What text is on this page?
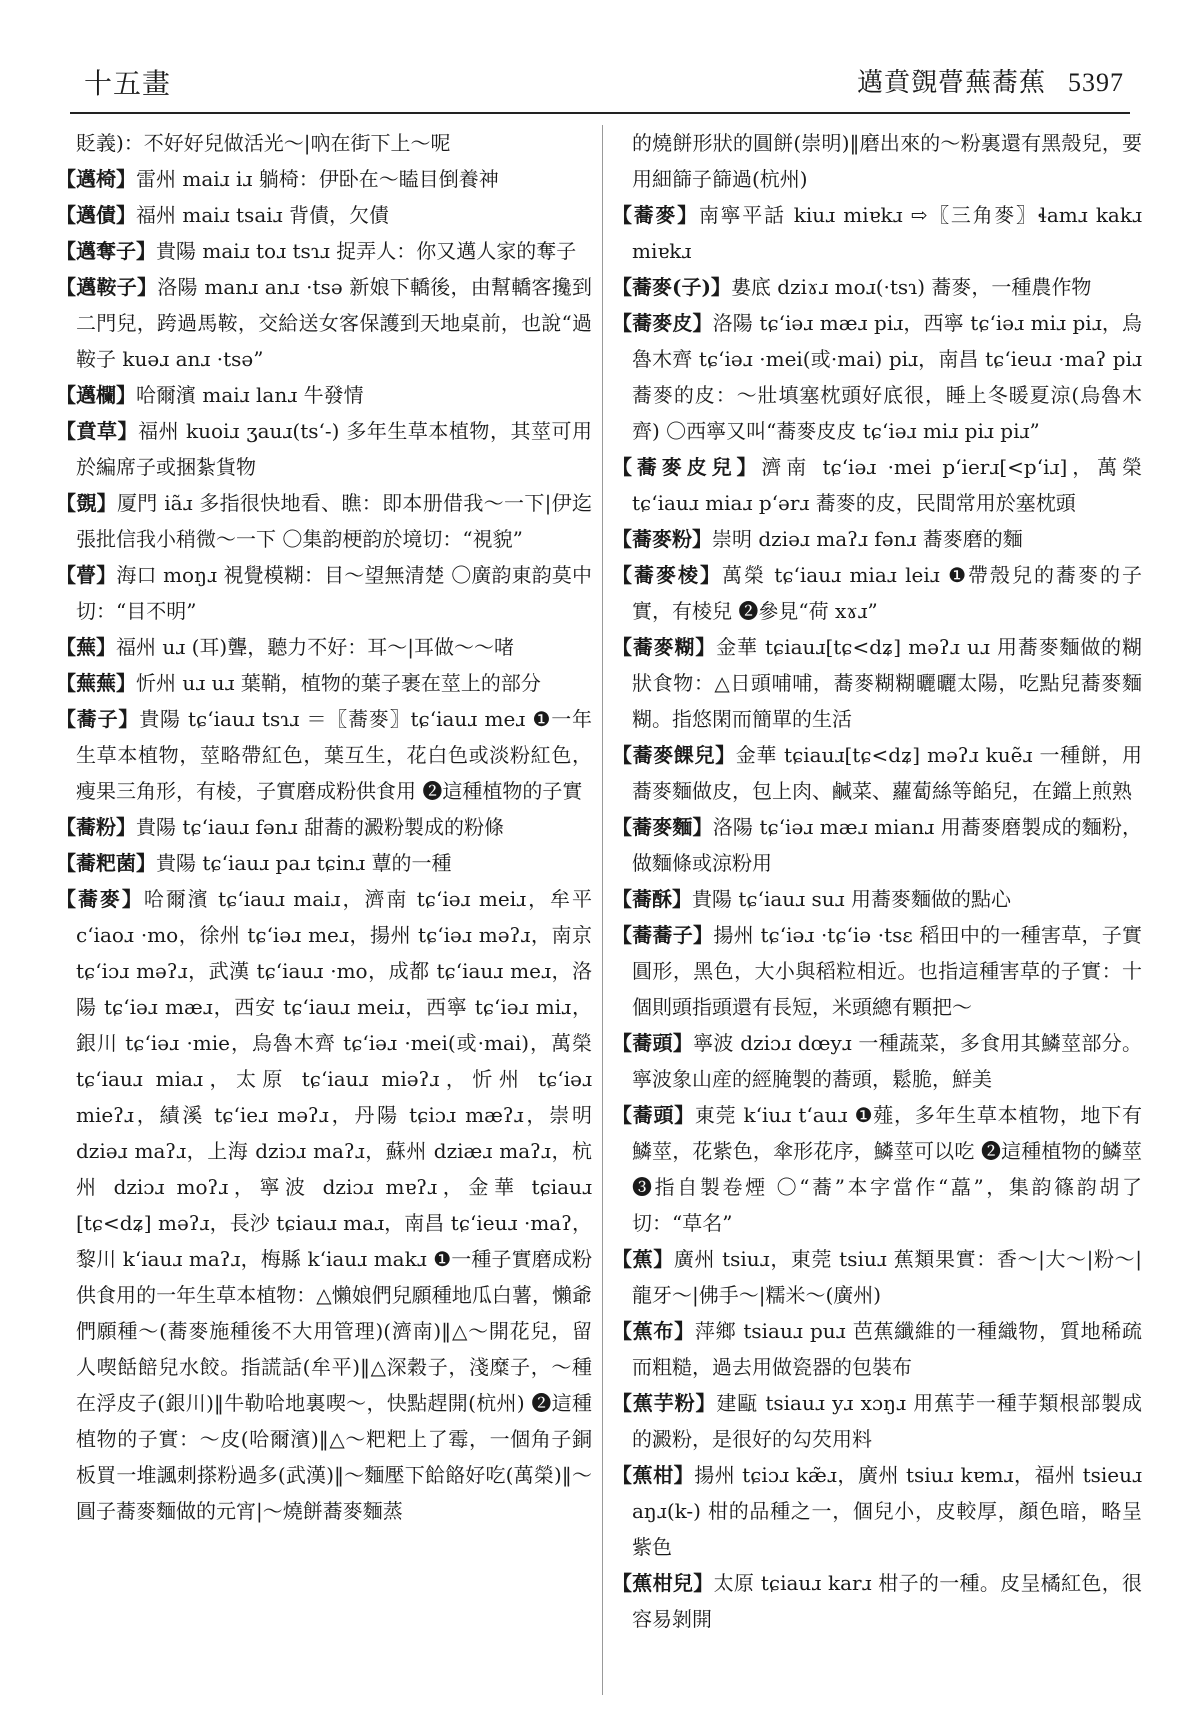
十五畫	邁賁覴瞢蕪蕎蕉 5397

貶義)：不好好兒做活光～|吶在街下上～呢

【邁椅】雷州 maiɹ iɹ 躺椅：伊卧在～瞌目倒養神

【邁債】福州 maiɹ tsaiɹ 背債，欠債

【邁奪子】貴陽 maiɹ toɹ tsɿɹ 捉弄人：你又邁人家的奪子

【邁鞍子】洛陽 manɹ anɹ ·tsə 新娘下轎後，由幫轎客攙到二門兒，跨過馬鞍，交給送女客保護到天地桌前，也說“過鞍子 kuəɹ anɹ ·tsə”

【邁欄】哈爾濱 maiɹ lanɹ 牛發情

【賁草】福州 kuoiɹ ʒauɹ(tsʻ-) 多年生草本植物，其莖可用於編席子或捆紮貨物

【覴】厦門 iãɹ 多指很快地看、瞧：即本册借我～一下|伊迄張批信我小稍微～一下 〇集韵梗韵於境切：“視貌”

【瞢】海口 moŋɹ 視覺模糊：目～望無清楚 〇廣韵東韵莫中切：“目不明”

【蕪】福州 uɹ (耳)聾，聽力不好：耳～|耳做～～啫

【蕪蕪】忻州 uɹ uɹ 葉鞘，植物的葉子裹在莖上的部分

【蕎子】貴陽 tɕʻiauɹ tsɿɹ ＝〖蕎麥〗tɕʻiauɹ meɹ ❶一年生草本植物，莖略帶紅色，葉互生，花白色或淡粉紅色，瘦果三角形，有棱，子實磨成粉供食用 ❷這種植物的子實

【蕎粉】貴陽 tɕʻiauɹ fənɹ 甜蕎的澱粉製成的粉條

【蕎粑菌】貴陽 tɕʻiauɹ paɹ tɕinɹ 蕈的一種

【蕎麥】哈爾濱 tɕʻiauɹ maiɹ，濟南 tɕʻiəɹ meiɹ，牟平 cʻiaoɹ ·mo，徐州 tɕʻiəɹ meɹ，揚州 tɕʻiəɹ məʔɹ，南京 tɕʻiɔɹ məʔɹ，武漢 tɕʻiauɹ ·mo，成都 tɕʻiauɹ meɹ，洛陽 tɕʻiəɹ mæɹ，西安 tɕʻiauɹ meiɹ，西寧 tɕʻiəɹ miɹ，銀川 tɕʻiəɹ ·mie，烏魯木齊 tɕʻiəɹ ·mei(或·mai)，萬榮 tɕʻiauɹ miaɹ，太原 tɕʻiauɹ miəʔɹ，忻州 tɕʻiəɹ mieʔɹ，績溪 tɕʻieɹ məʔɹ，丹陽 tɕiɔɹ mæʔɹ，崇明 dziəɹ maʔɹ，上海 dziɔɹ maʔɹ，蘇州 dziæɹ maʔɹ，杭州 dziɔɹ moʔɹ，寧波 dziɔɹ mɐʔɹ，金華 tɕiauɹ [tɕ<dʑ] məʔɹ，長沙 tɕiauɹ maɹ，南昌 tɕʻieuɹ ·maʔ，黎川 kʻiauɹ maʔɹ，梅縣 kʻiauɹ makɹ ❶一種子實磨成粉供食用的一年生草本植物：△懶娘們兒願種地瓜白薯，懶爺們願種～(蕎麥施種後不大用管理)(濟南)‖△～開花兒，留人喫餂餢兒水餃。指謊話(牟平)‖△深穀子，淺糜子，～種在浮皮子(銀川)‖牛勒哈地裏喫～，快點趕開(杭州) ❷這種植物的子實：～皮(哈爾濱)‖△～粑粑上了霉，一個角子銅板買一堆諷刺搽粉過多(武漢)‖～麵壓下餄餎好吃(萬榮)‖～圓子蕎麥麵做的元宵|～燒餅蕎麥麵蒸

的燒餅形狀的圓餅(崇明)‖磨出來的～粉裏還有黑殼兒，要用細篩子篩過(杭州)

【蕎麥】南寧平話 kiuɹ miɐkɹ ⇨〖三角麥〗ɬamɹ kakɹ miɐkɹ

【蕎麥(子)】婁底 dziɤɹ moɹ(·tsɿ) 蕎麥，一種農作物

【蕎麥皮】洛陽 tɕʻiəɹ mæɹ piɹ，西寧 tɕʻiəɹ miɹ piɹ，烏魯木齊 tɕʻiəɹ ·mei(或·mai) piɹ，南昌 tɕʻieuɹ ·maʔ piɹ 蕎麥的皮：～壯填塞枕頭好底很，睡上冬暖夏涼(烏魯木齊) 〇西寧又叫“蕎麥皮皮 tɕʻiəɹ miɹ piɹ piɹ”

【蕎麥皮兒】濟南 tɕʻiəɹ ·mei pʻierɹ[<pʻiɹ]，萬榮 tɕʻiauɹ miaɹ pʻərɹ 蕎麥的皮，民間常用於塞枕頭

【蕎麥粉】崇明 dziəɹ maʔɹ fənɹ 蕎麥磨的麵

【蕎麥棱】萬榮 tɕʻiauɹ miaɹ leiɹ ❶帶殼兒的蕎麥的子實，有棱兒 ❷參見“荷 xɤɹ”

【蕎麥糊】金華 tɕiauɹ[tɕ<dʑ] məʔɹ uɹ 用蕎麥麵做的糊狀食物：△日頭哺哺，蕎麥糊糊曬曬太陽，吃點兒蕎麥麵糊。指悠閑而簡單的生活

【蕎麥餜兒】金華 tɕiauɹ[tɕ<dʑ] məʔɹ kuẽɹ 一種餅，用蕎麥麵做皮，包上肉、鹹菜、蘿蔔絲等餡兒，在鐺上煎熟

【蕎麥麵】洛陽 tɕʻiəɹ mæɹ mianɹ 用蕎麥磨製成的麵粉，做麵條或涼粉用

【蕎酥】貴陽 tɕʻiauɹ suɹ 用蕎麥麵做的點心

【蕎蕎子】揚州 tɕʻiəɹ ·tɕʻiə ·tsɛ 稻田中的一種害草，子實圓形，黑色，大小與稻粒相近。也指這種害草的子實：十個則頭指頭還有長短，米頭總有顆把～

【蕎頭】寧波 dziɔɹ dœyɹ 一種蔬菜，多食用其鱗莖部分。寧波象山産的經腌製的蕎頭，鬆脆，鮮美

【蕎頭】東莞 kʻiuɹ tʻauɹ ❶薤，多年生草本植物，地下有鱗莖，花紫色，傘形花序，鱗莖可以吃 ❷這種植物的鱗莖 ❸指自製卷煙 〇“蕎”本字當作“藠”，集韵篠韵胡了切：“草名”

【蕉】廣州 tsiuɹ，東莞 tsiuɹ 蕉類果實：香～|大～|粉～|龍牙～|佛手～|糯米～(廣州)

【蕉布】萍鄉 tsiauɹ puɹ 芭蕉纖維的一種織物，質地稀疏而粗糙，過去用做瓷器的包裝布

【蕉芋粉】建甌 tsiauɹ yɹ xɔŋɹ 用蕉芋一種芋類根部製成的澱粉，是很好的勾芡用料

【蕉柑】揚州 tɕiɔɹ kæ̃ɹ，廣州 tsiuɹ kɐmɹ，福州 tsieuɹ aŋɹ(k-) 柑的品種之一，個兒小，皮較厚，顏色暗，略呈紫色

【蕉柑兒】太原 tɕiauɹ karɹ 柑子的一種。皮呈橘紅色，很容易剝開
